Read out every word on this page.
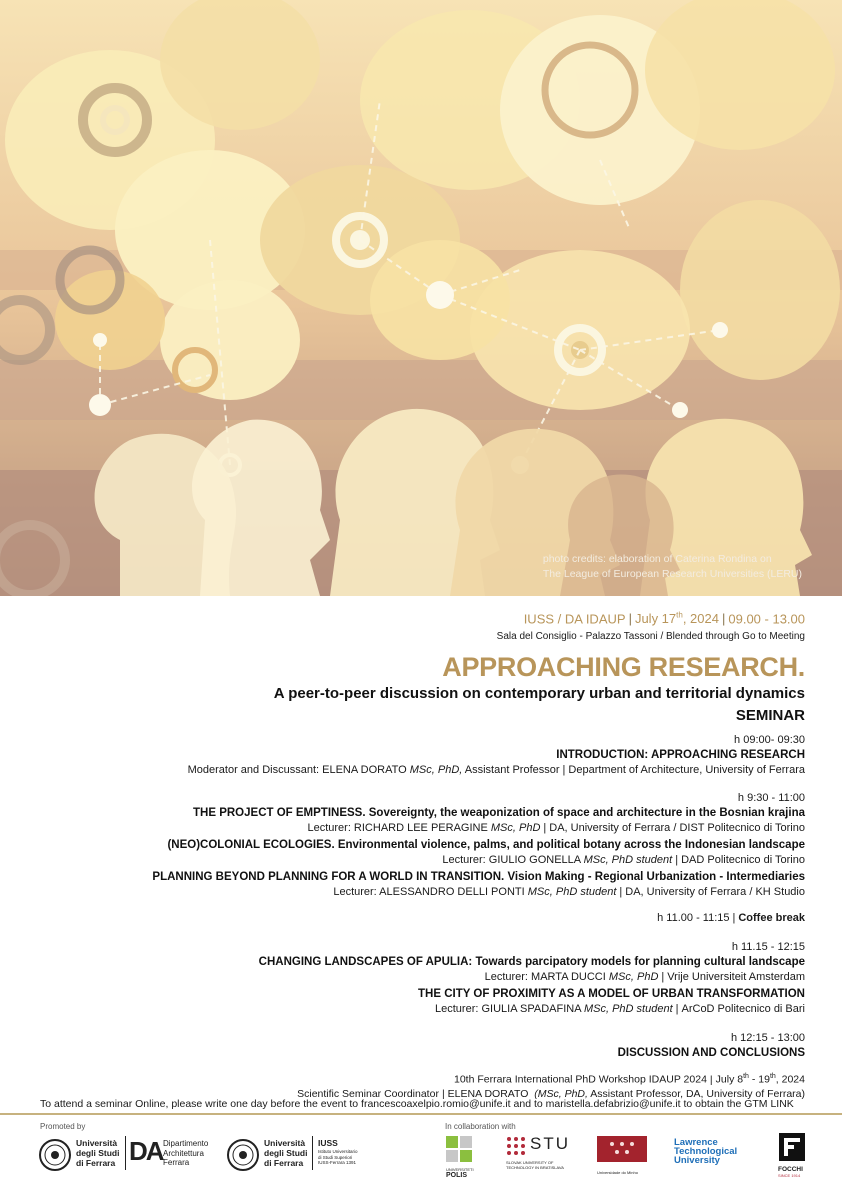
photo credits: elaboration of Caterina Rondina on
The League of European Research Universities (LERU)
IUSS / DA IDAUP | July 17th, 2024 | 09.00 - 13.00
Sala del Consiglio - Palazzo Tassoni / Blended through Go to Meeting
APPROACHING RESEARCH.
A peer-to-peer discussion on contemporary urban and territorial dynamics
SEMINAR
h 09:00- 09:30
INTRODUCTION: APPROACHING RESEARCH
Moderator and Discussant: ELENA DORATO MSc, PhD, Assistant Professor | Department of Architecture, University of Ferrara
h 9:30 - 11:00
THE PROJECT OF EMPTINESS. Sovereignty, the weaponization of space and architecture in the Bosnian krajina
Lecturer: RICHARD LEE PERAGINE MSc, PhD | DA, University of Ferrara / DIST Politecnico di Torino
(NEO)COLONIAL ECOLOGIES. Environmental violence, palms, and political botany across the Indonesian landscape
Lecturer: GIULIO GONELLA MSc, PhD student | DAD Politecnico di Torino
PLANNING BEYOND PLANNING FOR A WORLD IN TRANSITION. Vision Making - Regional Urbanization - Intermediaries
Lecturer: ALESSANDRO DELLI PONTI MSc, PhD student | DA, University of Ferrara / KH Studio
h 11.00 - 11:15 | Coffee break
h 11.15 - 12:15
CHANGING LANDSCAPES OF APULIA: Towards parcipatory models for planning cultural landscape
Lecturer: MARTA DUCCI MSc, PhD | Vrije Universiteit Amsterdam
THE CITY OF PROXIMITY AS A MODEL OF URBAN TRANSFORMATION
Lecturer: GIULIA SPADAFINA MSc, PhD student | ArCoD Politecnico di Bari
h 12:15 - 13:00
DISCUSSION AND CONCLUSIONS
10th Ferrara International PhD Workshop IDAUP 2024 | July 8th - 19th, 2024
Scientific Seminar Coordinator | ELENA DORATO (MSc, PhD, Assistant Professor, DA, University of Ferrara)
To attend a seminar Online, please write one day before the event to francescoaxelpio.romio@unife.it and to maristella.defabrizio@unife.it to obtain the GTM LINK
Promoted by	In collaboration with
Università
degli Studi
di Ferrara DA Dipartimento
Architettura
Ferrara
Università
degli Studi
di Ferrara
IUSS
Istituto Universitario
di Studi Superiori
IUSS-Ferrara 1391
UNIVERSITETI
POLIS
STU
SLOVAK UNIVERSITY OF
TECHNOLOGY IN BRATISLAVA
Universidade do Minho
Lawrence
Technological
University
FOCCHI
SINCE 1914
